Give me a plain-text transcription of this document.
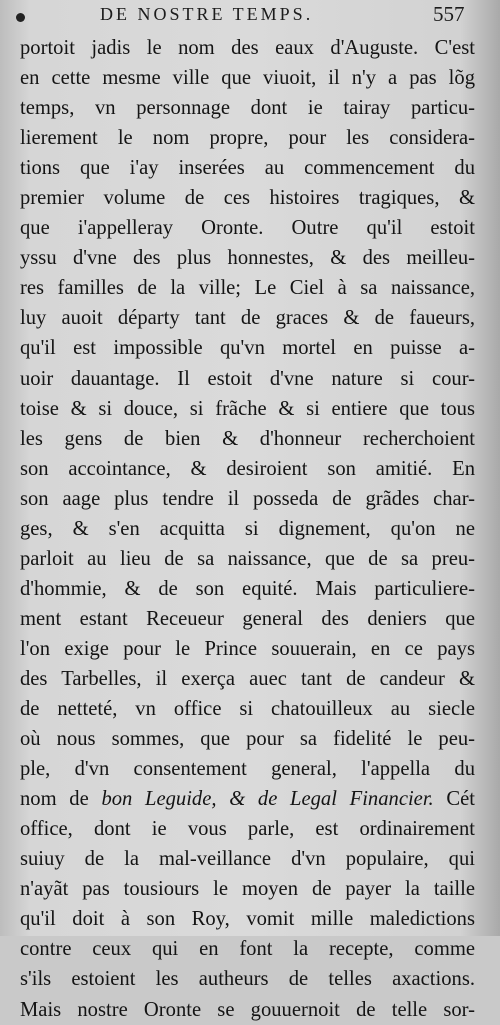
DE NOSTRE TEMPS.	557
portoit jadis le nom des eaux d'Auguste. C'est
en cette mesme ville que viuoit, il n'y a pas lõg
temps, vn personnage dont ie tairay particu-
lierement le nom propre, pour les considera-
tions que i'ay inserées au commencement du
premier volume de ces histoires tragiques, &
que i'appelleray Oronte. Outre qu'il estoit
yssu d'vne des plus honnestes, & des meilleu-
res familles de la ville; Le Ciel à sa naissance,
luy auoit départy tant de graces & de faueurs,
qu'il est impossible qu'vn mortel en puisse a-
uoir dauantage. Il estoit d'vne nature si cour-
toise & si douce, si frãche & si entiere que tous
les gens de bien & d'honneur recherchoient
son accointance, & desiroient son amitié. En
son aage plus tendre il possedа de grãdes char-
ges, & s'en acquitta si dignement, qu'on ne
parloit au lieu de sa naissance, que de sa preu-
d'hommie, & de son equité. Mais particuliere-
ment estant Receueur general des deniers que
l'on exige pour le Prince souuerain, en ce pays
des Tarbelles, il exerça auec tant de candeur &
de netteté, vn office si chatouilleux au siecle
où nous sommes, que pour sa fidelité le peu-
ple, d'vn consentement general, l'appella du
nom de bon Leguide, & de Legal Financier. Cét
office, dont ie vous parle, est ordinairement
suiuy de la mal-veillance d'vn populaire, qui
n'ayãt pas tousiours le moyen de payer la taille
qu'il doit à son Roy, vomit mille maledictions
contre ceux qui en font la recepte, comme
s'ils estoient les autheurs de telles axactions.
Mais nostre Oronte se gouuernoit de telle sor-
